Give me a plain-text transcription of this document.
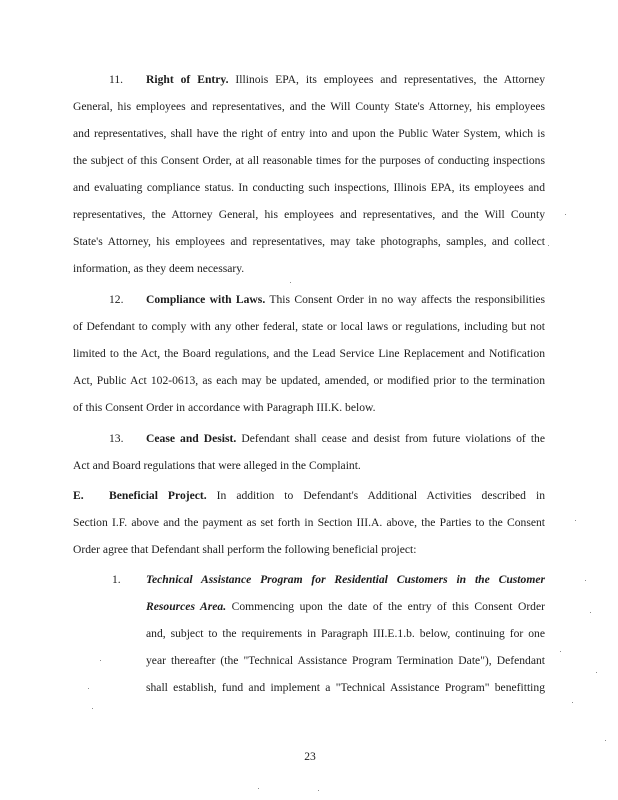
11. Right of Entry. Illinois EPA, its employees and representatives, the Attorney
General, his employees and representatives, and the Will County State's Attorney, his employees
and representatives, shall have the right of entry into and upon the Public Water System, which is
the subject of this Consent Order, at all reasonable times for the purposes of conducting inspections
and evaluating compliance status. In conducting such inspections, Illinois EPA, its employees and
representatives, the Attorney General, his employees and representatives, and the Will County
State's Attorney, his employees and representatives, may take photographs, samples, and collect
information, as they deem necessary.
12. Compliance with Laws. This Consent Order in no way affects the responsibilities
of Defendant to comply with any other federal, state or local laws or regulations, including but not
limited to the Act, the Board regulations, and the Lead Service Line Replacement and Notification
Act, Public Act 102-0613, as each may be updated, amended, or modified prior to the termination
of this Consent Order in accordance with Paragraph III.K. below.
13. Cease and Desist. Defendant shall cease and desist from future violations of the
Act and Board regulations that were alleged in the Complaint.
E. Beneficial Project. In addition to Defendant's Additional Activities described in
Section I.F. above and the payment as set forth in Section III.A. above, the Parties to the Consent
Order agree that Defendant shall perform the following beneficial project:
1. Technical Assistance Program for Residential Customers in the Customer
Resources Area. Commencing upon the date of the entry of this Consent Order
and, subject to the requirements in Paragraph III.E.1.b. below, continuing for one
year thereafter (the "Technical Assistance Program Termination Date"), Defendant
shall establish, fund and implement a "Technical Assistance Program" benefitting
23
